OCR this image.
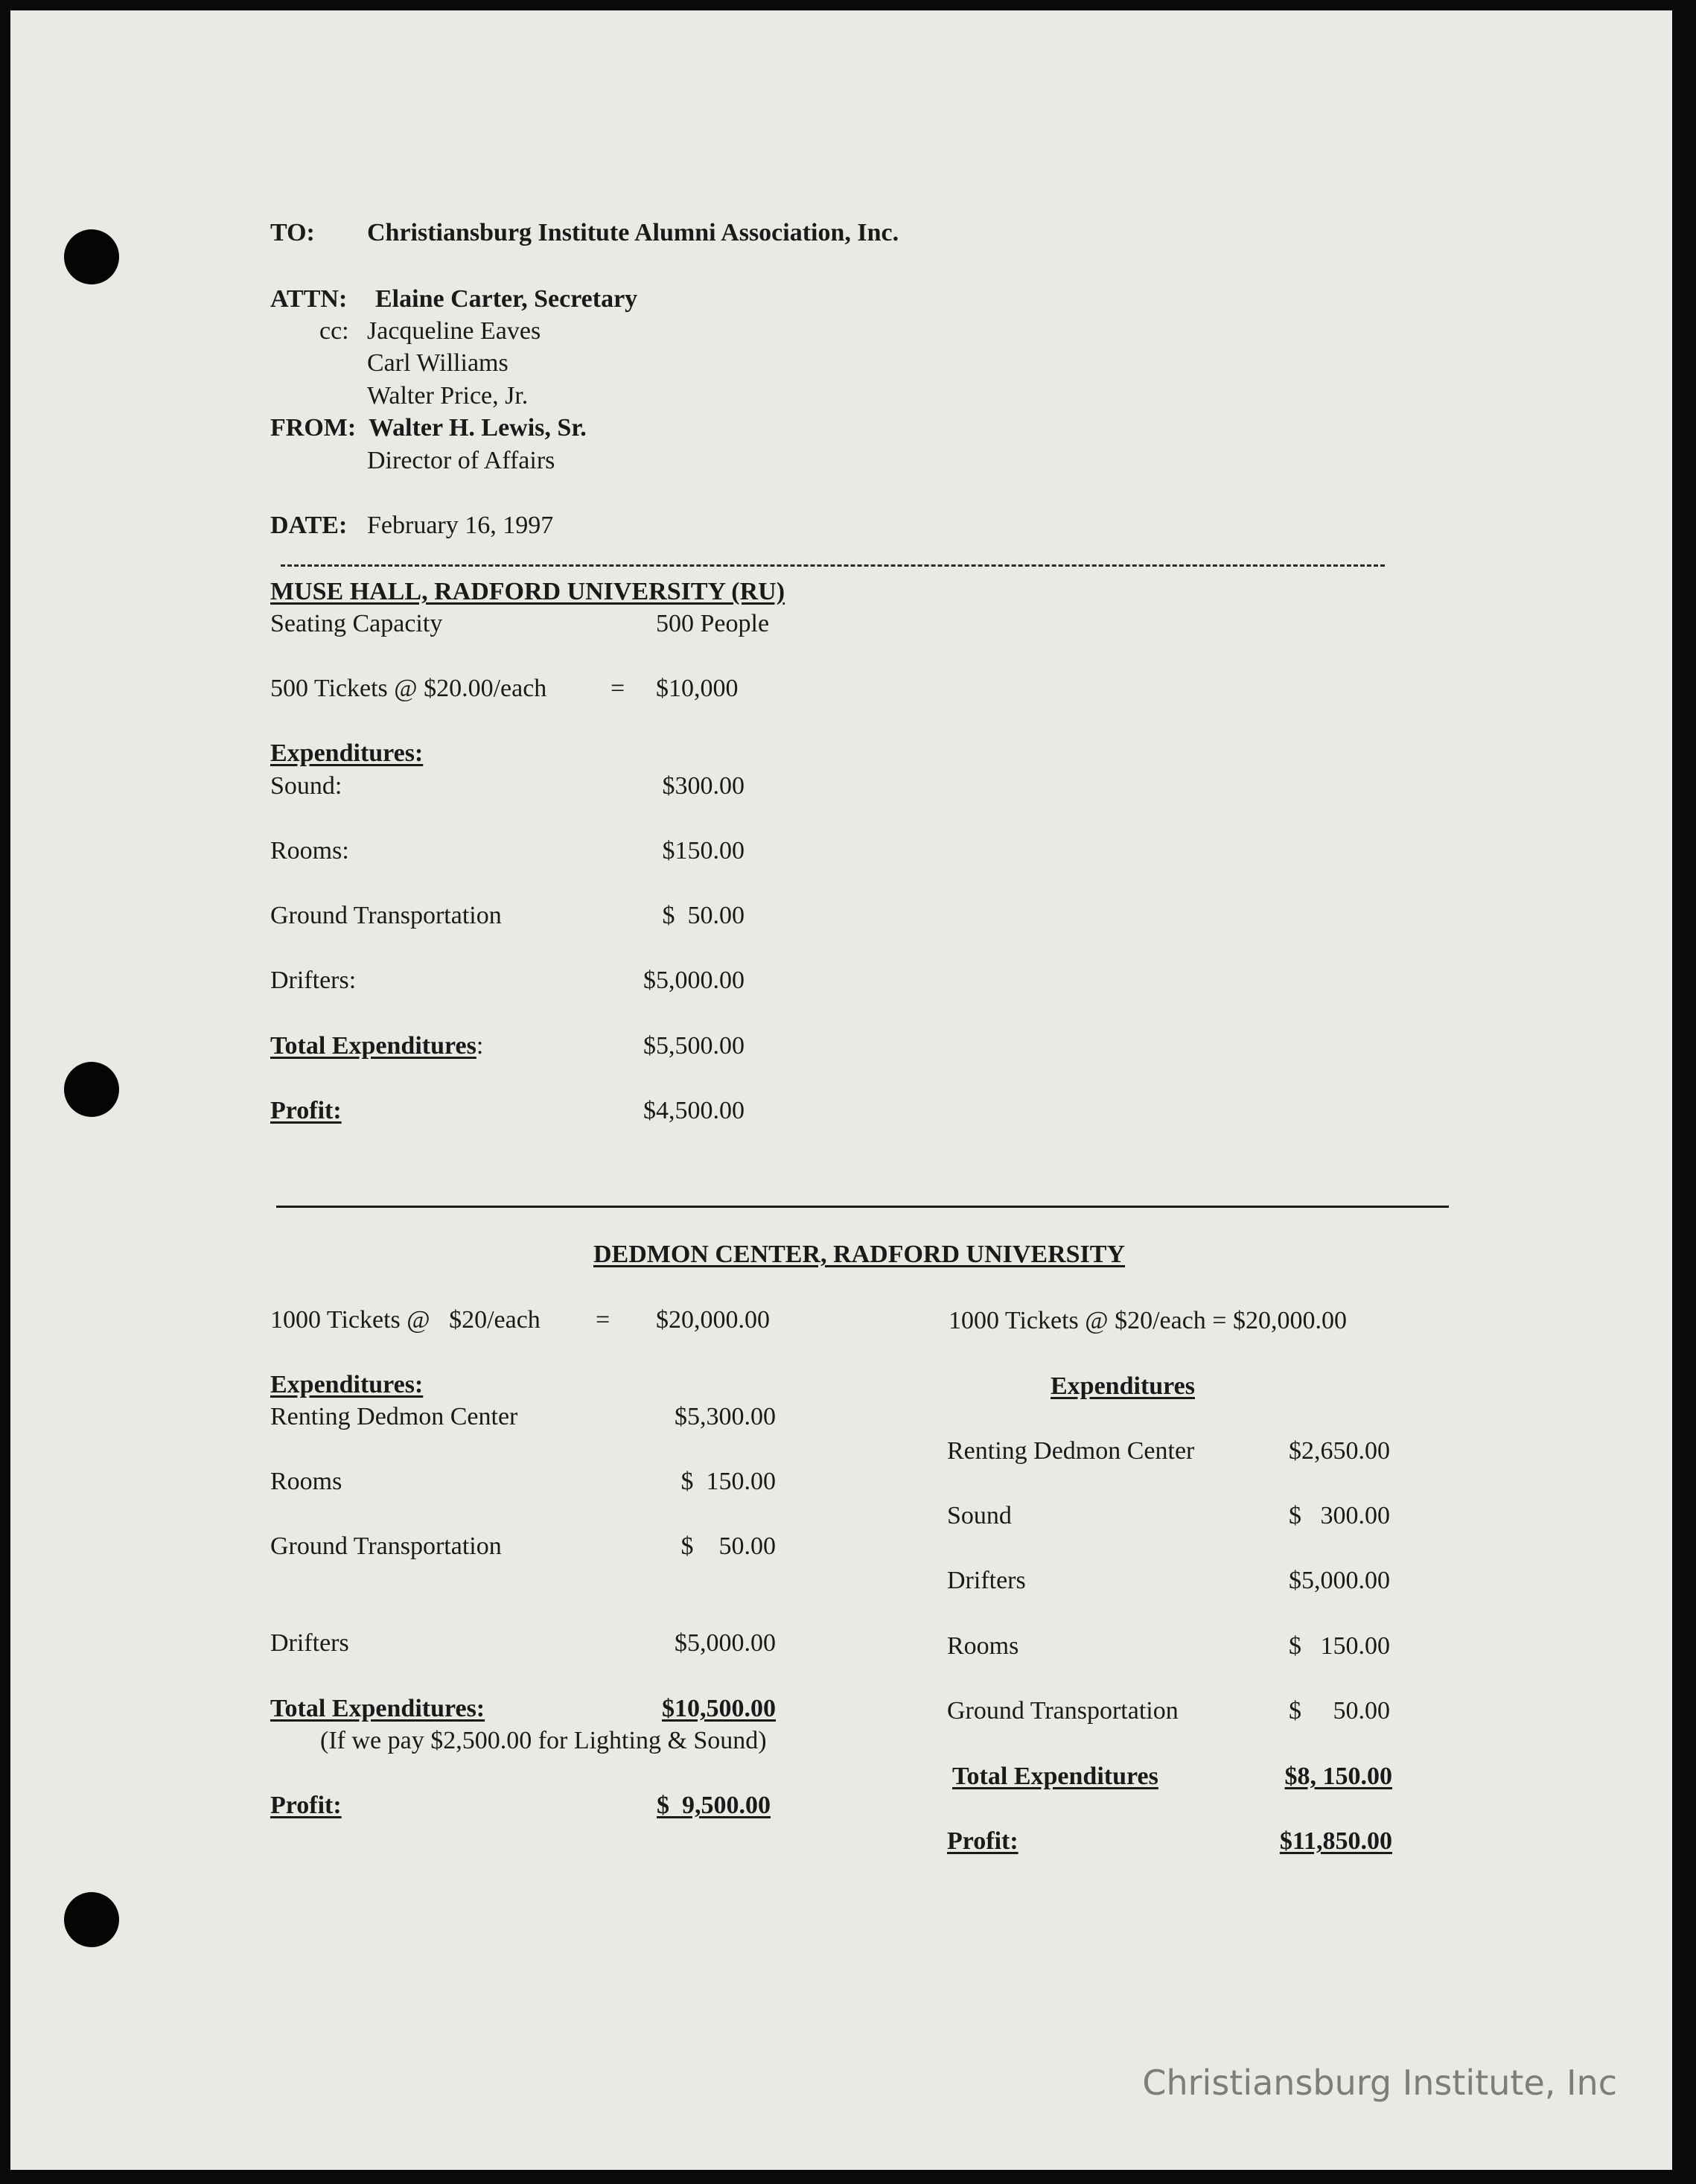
TO: Christiansburg Institute Alumni Association, Inc.
ATTN: Elaine Carter, Secretary
cc: Jacqueline Eaves
Carl Williams
Walter Price, Jr.
FROM: Walter H. Lewis, Sr.
Director of Affairs
DATE: February 16, 1997
MUSE HALL, RADFORD UNIVERSITY (RU)
Seating Capacity	500 People
500 Tickets @ $20.00/each	= $10,000
Expenditures:
Sound:	$300.00
Rooms:	$150.00
Ground Transportation	$  50.00
Drifters:	$5,000.00
Total Expenditures:	$5,500.00
Profit:	$4,500.00
DEDMON CENTER, RADFORD UNIVERSITY
1000 Tickets @   $20/each = $20,000.00
Expenditures:
Renting Dedmon Center	$5,300.00
Rooms	$  150.00
Ground Transportation	$    50.00
Drifters	$5,000.00
Total Expenditures:	$10,500.00
(If we pay $2,500.00 for Lighting & Sound)
Profit:	$  9,500.00
1000 Tickets @ $20/each = $20,000.00
Expenditures
Renting Dedmon Center	$2,650.00
Sound	$   300.00
Drifters	$5,000.00
Rooms	$   150.00
Ground Transportation	$     50.00
Total Expenditures	$8, 150.00
Profit:	$11,850.00
Christiansburg Institute, Inc
